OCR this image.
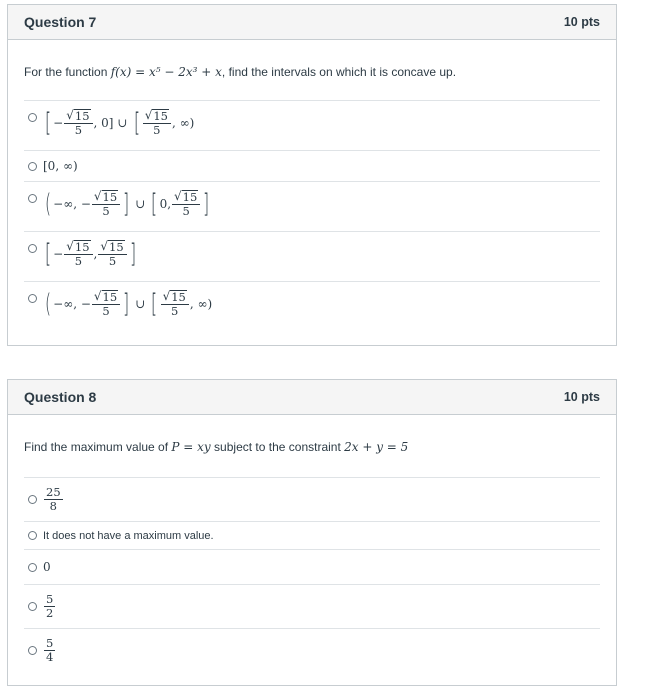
Question 7	10 pts
For the function f(x) = x⁵ − 2x³ + x, find the intervals on which it is concave up.
[ − $\frac{√ 15}{5}$ , 0] ∪ [ $\frac{√ 15}{5}$ , ∞)
[0, ∞)
( −∞, − $\frac{√ 15}{5}$ ] ∪ [ 0, $\frac{√ 15}{5}$ ]
[ − $\frac{√ 15}{5}$ , $\frac{√ 15}{5}$ ]
( −∞, − $\frac{√ 15}{5}$ ] ∪ [ $\frac{√ 15}{5}$ , ∞)
Question 8	10 pts
Find the maximum value of P = xy subject to the constraint 2x + y = 5
$\frac{25}{8}$
It does not have a maximum value.
0
$\frac{5}{2}$
$\frac{5}{4}$
